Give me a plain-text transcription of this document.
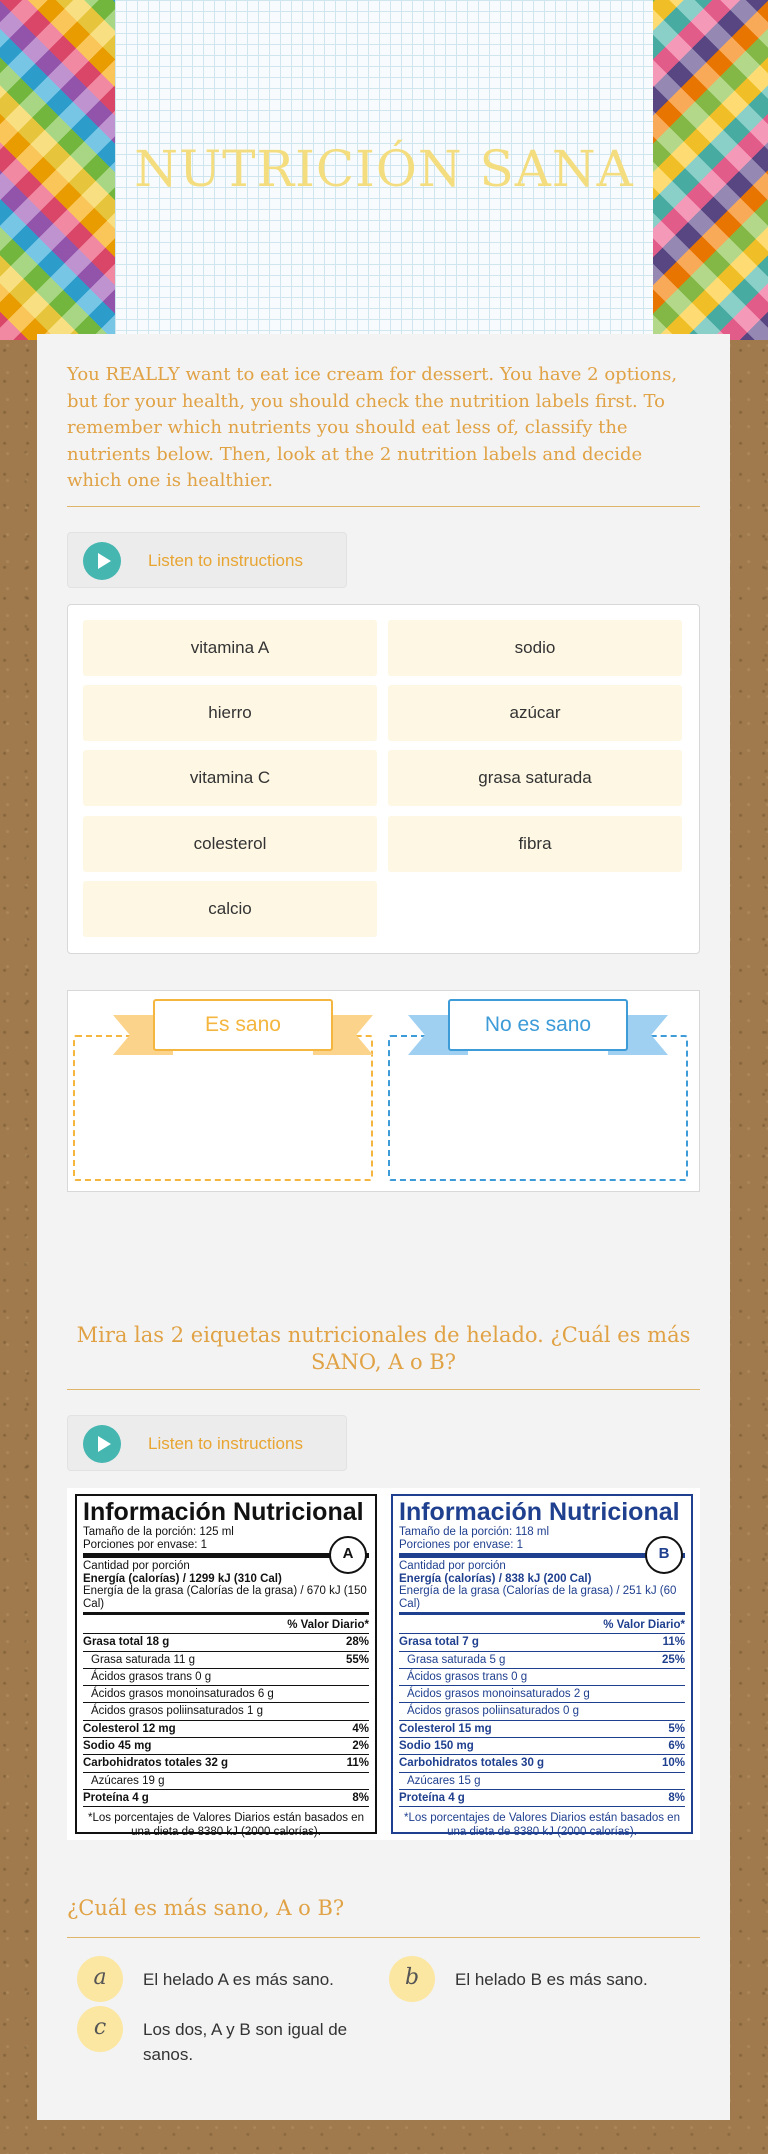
NUTRICIÓN SANA

You REALLY want to eat ice cream for dessert. You have 2 options, but for your health, you should check the nutrition labels first. To remember which nutrients you should eat less of, classify the nutrients below. Then, look at the 2 nutrition labels and decide which one is healthier.

Listen to instructions
vitamina A	sodio
hierro	azúcar
vitamina C	grasa saturada
colesterol	fibra
calcio
Es sano	No es sano

Mira las 2 eiquetas nutricionales de helado. ¿Cuál es más SANO, A o B?

Listen to instructions
Información Nutricional
Tamaño de la porción: 125 ml
Porciones por envase: 1
A
Cantidad por porción
Energía (calorías) / 1299 kJ (310 Cal)
Energía de la grasa (Calorías de la grasa) / 670 kJ (150 Cal)
% Valor Diario*
Grasa total 18 g	28%
Grasa saturada 11 g	55%
Ácidos grasos trans 0 g
Ácidos grasos monoinsaturados 6 g
Ácidos grasos poliinsaturados 1 g
Colesterol 12 mg	4%
Sodio 45 mg	2%
Carbohidratos totales 32 g	11%
Azúcares 19 g
Proteína 4 g	8%
*Los porcentajes de Valores Diarios están basados en una dieta de 8380 kJ (2000 calorías).
Información Nutricional
Tamaño de la porción: 118 ml
Porciones por envase: 1
B
Cantidad por porción
Energía (calorías) / 838 kJ (200 Cal)
Energía de la grasa (Calorías de la grasa) / 251 kJ (60 Cal)
% Valor Diario*
Grasa total 7 g	11%
Grasa saturada 5 g	25%
Ácidos grasos trans 0 g
Ácidos grasos monoinsaturados 2 g
Ácidos grasos poliinsaturados 0 g
Colesterol 15 mg	5%
Sodio 150 mg	6%
Carbohidratos totales 30 g	10%
Azúcares 15 g
Proteína 4 g	8%
*Los porcentajes de Valores Diarios están basados en una dieta de 8380 kJ (2000 calorías).
¿Cuál es más sano, A o B?
a	El helado A es más sano.	b	El helado B es más sano.
c	Los dos, A y B son igual de sanos.
